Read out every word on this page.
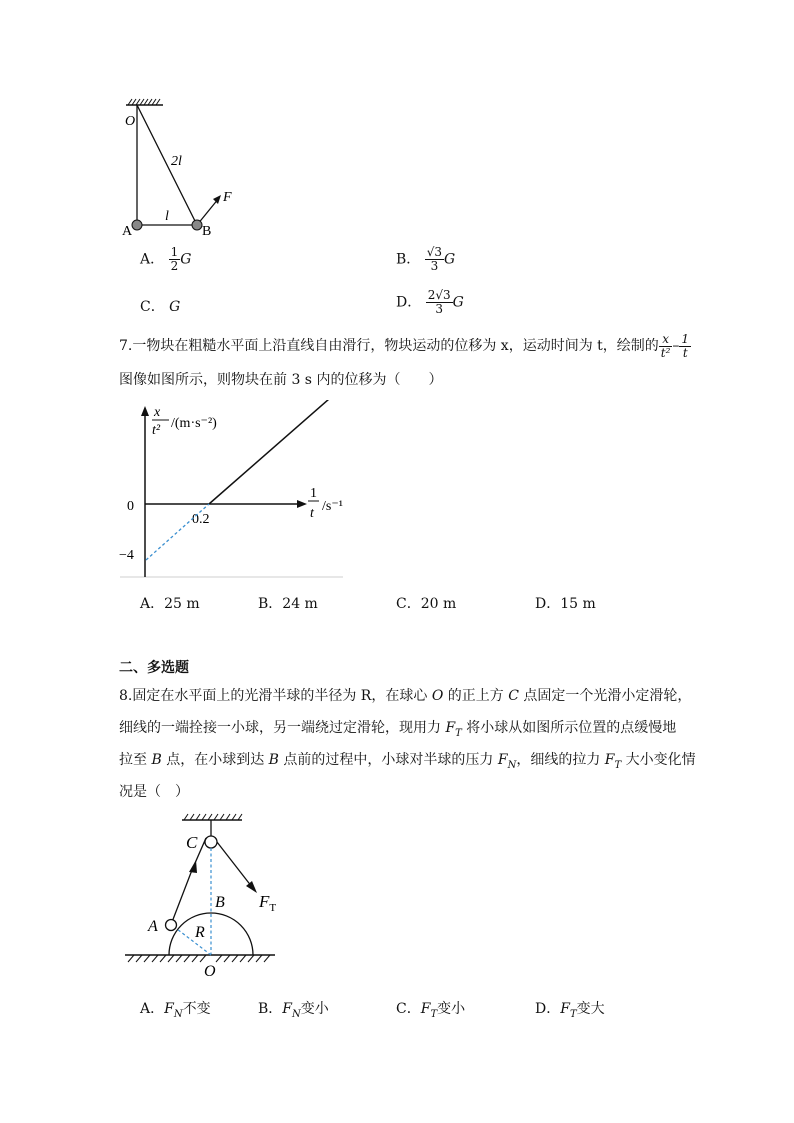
O
2l
l
F
A	B
A． $\frac{1}{2}$ G	B． $\frac{√3}{3}$ G
C． G	D． $\frac{2√3}{3}$ G
7.一物块在粗糙水平面上沿直线自由滑行，物块运动的位移为 x，运动时间为 t，绘制的 $\frac{x}{\text{t²}} - \frac{1}{t}$
图像如图所示，则物块在前 3 s 内的位移为（　　）
x
t² /(m·s⁻²)
1
t /s⁻¹
0
0.2
−4
A．25 m	B．24 m	C．20 m	D．15 m
二、多选题
8.固定在水平面上的光滑半球的半径为 R，在球心 O 的正上方 C 点固定一个光滑小定滑轮，
细线的一端拴接一小球，另一端绕过定滑轮，现用力 $F_T$ 将小球从如图所示位置的点缓慢地
拉至 B 点，在小球到达 B 点前的过程中，小球对半球的压力 $F_N$，细线的拉力 $F_T$ 大小变化情
况是（　）
C
B
A R
O
$F_T$
A．$F_N$不变	B．$F_N$变小	C．$F_T$变小	D．$F_T$变大
